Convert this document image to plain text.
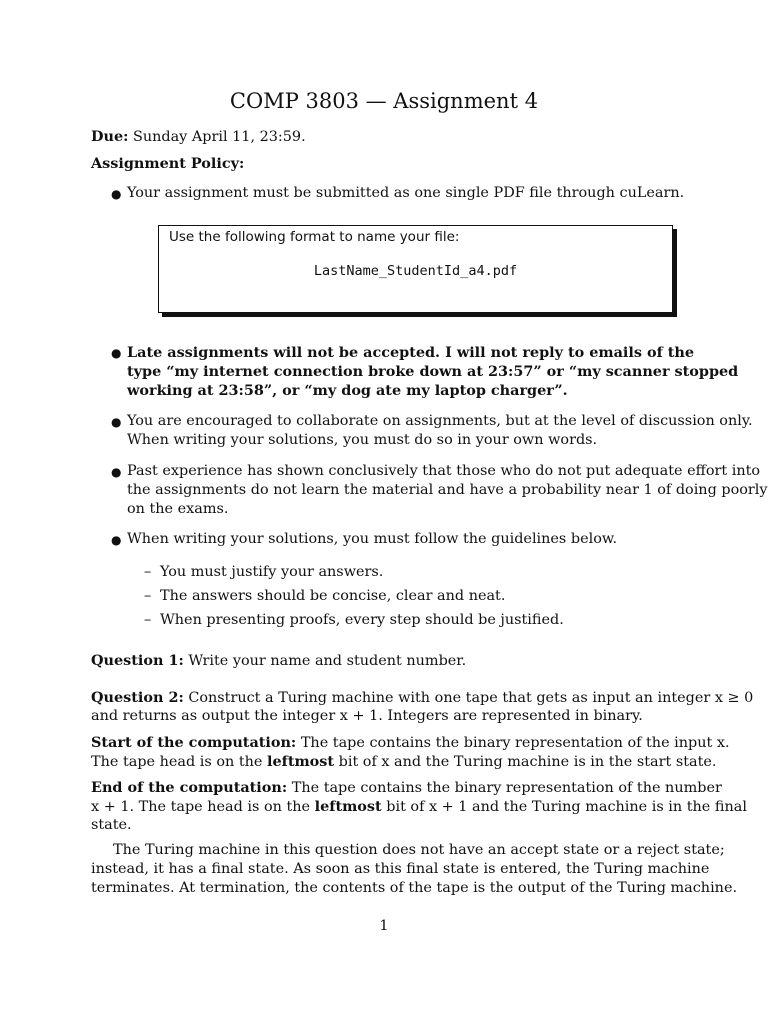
COMP 3803 — Assignment 4
Due: Sunday April 11, 23:59.
Assignment Policy:
● Your assignment must be submitted as one single PDF file through cuLearn.
Use the following format to name your file:
LastName_StudentId_a4.pdf
● Late assignments will not be accepted. I will not reply to emails of the
type “my internet connection broke down at 23:57” or “my scanner stopped
working at 23:58”, or “my dog ate my laptop charger”.
● You are encouraged to collaborate on assignments, but at the level of discussion only.
When writing your solutions, you must do so in your own words.
● Past experience has shown conclusively that those who do not put adequate effort into
the assignments do not learn the material and have a probability near 1 of doing poorly
on the exams.
● When writing your solutions, you must follow the guidelines below.
– You must justify your answers.
– The answers should be concise, clear and neat.
– When presenting proofs, every step should be justified.
Question 1: Write your name and student number.
Question 2: Construct a Turing machine with one tape that gets as input an integer x ≥ 0
and returns as output the integer x + 1. Integers are represented in binary.
Start of the computation: The tape contains the binary representation of the input x.
The tape head is on the leftmost bit of x and the Turing machine is in the start state.
End of the computation: The tape contains the binary representation of the number
x + 1. The tape head is on the leftmost bit of x + 1 and the Turing machine is in the final
state.
The Turing machine in this question does not have an accept state or a reject state;
instead, it has a final state. As soon as this final state is entered, the Turing machine
terminates. At termination, the contents of the tape is the output of the Turing machine.
1
